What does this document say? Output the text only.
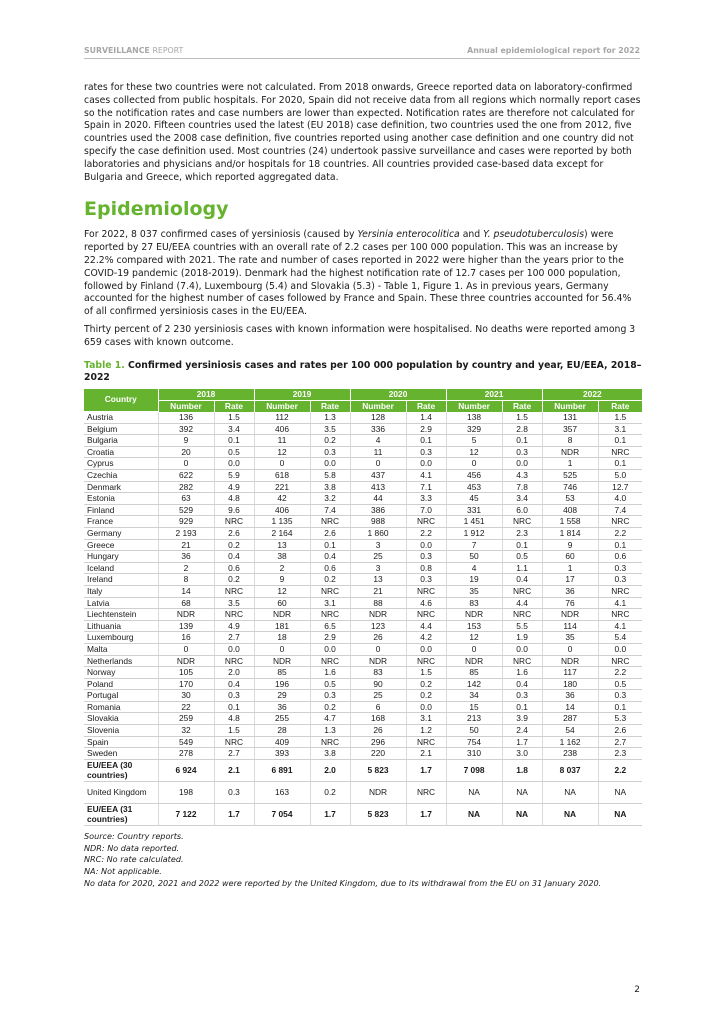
SURVEILLANCE REPORT	Annual epidemiological report for 2022

rates for these two countries were not calculated. From 2018 onwards, Greece reported data on laboratory-confirmed cases collected from public hospitals. For 2020, Spain did not receive data from all regions which normally report cases so the notification rates and case numbers are lower than expected. Notification rates are therefore not calculated for Spain in 2020. Fifteen countries used the latest (EU 2018) case definition, two countries used the one from 2012, five countries used the 2008 case definition, five countries reported using another case definition and one country did not specify the case definition used. Most countries (24) undertook passive surveillance and cases were reported by both laboratories and physicians and/or hospitals for 18 countries. All countries provided case-based data except for Bulgaria and Greece, which reported aggregated data.

Epidemiology

For 2022, 8 037 confirmed cases of yersiniosis (caused by Yersinia enterocolitica and Y. pseudotuberculosis) were reported by 27 EU/EEA countries with an overall rate of 2.2 cases per 100 000 population. This was an increase by 22.2% compared with 2021. The rate and number of cases reported in 2022 were higher than the years prior to the COVID-19 pandemic (2018-2019). Denmark had the highest notification rate of 12.7 cases per 100 000 population, followed by Finland (7.4), Luxembourg (5.4) and Slovakia (5.3) - Table 1, Figure 1. As in previous years, Germany accounted for the highest number of cases followed by France and Spain. These three countries accounted for 56.4% of all confirmed yersiniosis cases in the EU/EEA.

Thirty percent of 2 230 yersiniosis cases with known information were hospitalised. No deaths were reported among 3 659 cases with known outcome.

Table 1. Confirmed yersiniosis cases and rates per 100 000 population by country and year, EU/EEA, 2018–2022
Country	2018		2019		2020		2021		2022	
	Number	Rate	Number	Rate	Number	Rate	Number	Rate	Number	Rate
Austria	136	1.5	112	1.3	128	1.4	138	1.5	131	1.5
Belgium	392	3.4	406	3.5	336	2.9	329	2.8	357	3.1
Bulgaria	9	0.1	11	0.2	4	0.1	5	0.1	8	0.1
Croatia	20	0.5	12	0.3	11	0.3	12	0.3	NDR	NRC
Cyprus	0	0.0	0	0.0	0	0.0	0	0.0	1	0.1
Czechia	622	5.9	618	5.8	437	4.1	456	4.3	525	5.0
Denmark	282	4.9	221	3.8	413	7.1	453	7.8	746	12.7
Estonia	63	4.8	42	3.2	44	3.3	45	3.4	53	4.0
Finland	529	9.6	406	7.4	386	7.0	331	6.0	408	7.4
France	929	NRC	1 135	NRC	988	NRC	1 451	NRC	1 558	NRC
Germany	2 193	2.6	2 164	2.6	1 860	2.2	1 912	2.3	1 814	2.2
Greece	21	0.2	13	0.1	3	0.0	7	0.1	9	0.1
Hungary	36	0.4	38	0.4	25	0.3	50	0.5	60	0.6
Iceland	2	0.6	2	0.6	3	0.8	4	1.1	1	0.3
Ireland	8	0.2	9	0.2	13	0.3	19	0.4	17	0.3
Italy	14	NRC	12	NRC	21	NRC	35	NRC	36	NRC
Latvia	68	3.5	60	3.1	88	4.6	83	4.4	76	4.1
Liechtenstein	NDR	NRC	NDR	NRC	NDR	NRC	NDR	NRC	NDR	NRC
Lithuania	139	4.9	181	6.5	123	4.4	153	5.5	114	4.1
Luxembourg	16	2.7	18	2.9	26	4.2	12	1.9	35	5.4
Malta	0	0.0	0	0.0	0	0.0	0	0.0	0	0.0
Netherlands	NDR	NRC	NDR	NRC	NDR	NRC	NDR	NRC	NDR	NRC
Norway	105	2.0	85	1.6	83	1.5	85	1.6	117	2.2
Poland	170	0.4	196	0.5	90	0.2	142	0.4	180	0.5
Portugal	30	0.3	29	0.3	25	0.2	34	0.3	36	0.3
Romania	22	0.1	36	0.2	6	0.0	15	0.1	14	0.1
Slovakia	259	4.8	255	4.7	168	3.1	213	3.9	287	5.3
Slovenia	32	1.5	28	1.3	26	1.2	50	2.4	54	2.6
Spain	549	NRC	409	NRC	296	NRC	754	1.7	1 162	2.7
Sweden	278	2.7	393	3.8	220	2.1	310	3.0	238	2.3
EU/EEA (30 countries)	6 924	2.1	6 891	2.0	5 823	1.7	7 098	1.8	8 037	2.2
United Kingdom	198	0.3	163	0.2	NDR	NRC	NA	NA	NA	NA
EU/EEA (31 countries)	7 122	1.7	7 054	1.7	5 823	1.7	NA	NA	NA	NA
Source: Country reports.
NDR: No data reported.
NRC: No rate calculated.
NA: Not applicable.
No data for 2020, 2021 and 2022 were reported by the United Kingdom, due to its withdrawal from the EU on 31 January 2020.
2
